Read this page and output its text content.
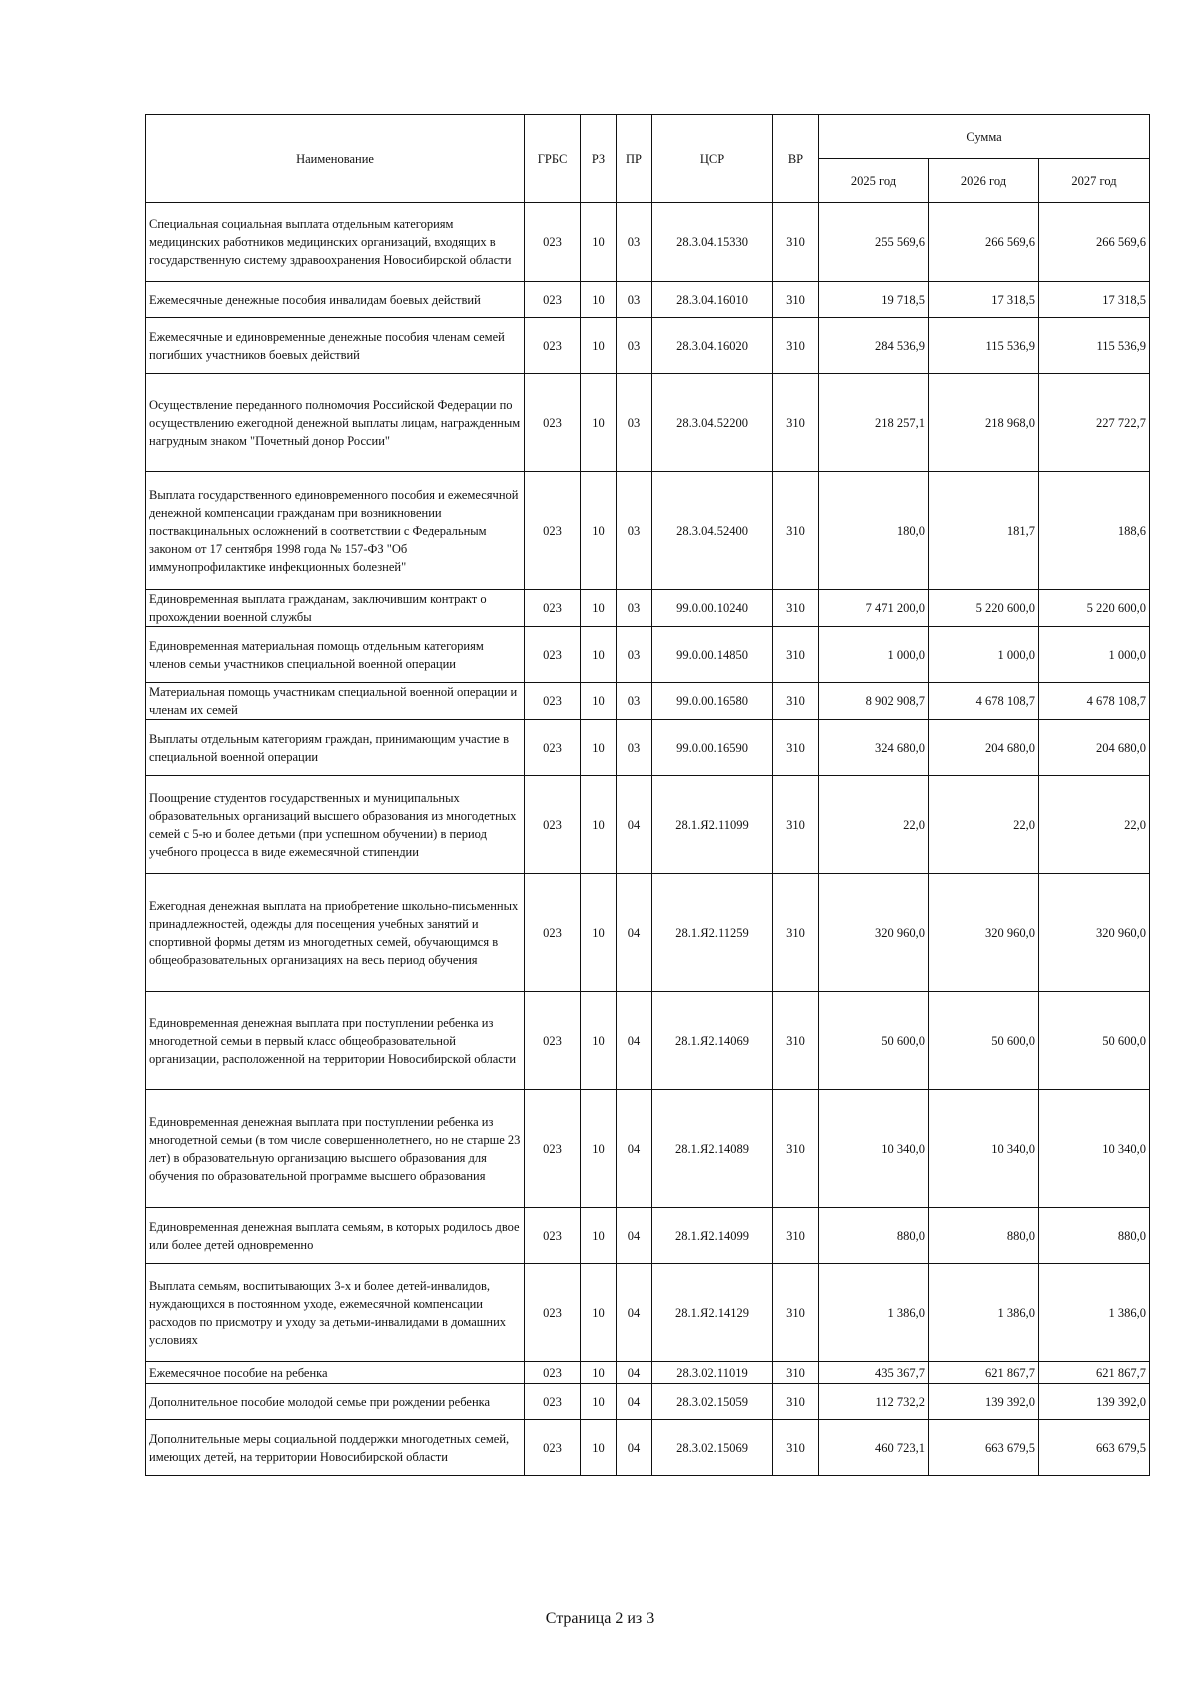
Наименование	ГРБС	РЗ	ПР	ЦСР	ВР	Сумма		
						2025 год	2026 год	2027 год
Специальная социальная выплата отдельным категориям медицинских работников медицинских организаций, входящих в государственную систему здравоохранения Новосибирской области	023	10	03	28.3.04.15330	310	255 569,6	266 569,6	266 569,6
Ежемесячные денежные пособия инвалидам боевых действий	023	10	03	28.3.04.16010	310	19 718,5	17 318,5	17 318,5
Ежемесячные и единовременные денежные пособия членам семей погибших участников боевых действий	023	10	03	28.3.04.16020	310	284 536,9	115 536,9	115 536,9
Осуществление переданного полномочия Российской Федерации по осуществлению ежегодной денежной выплаты лицам, награжденным нагрудным знаком "Почетный донор России"	023	10	03	28.3.04.52200	310	218 257,1	218 968,0	227 722,7
Выплата государственного единовременного пособия и ежемесячной денежной компенсации гражданам при возникновении поствакцинальных осложнений в соответствии с Федеральным законом от 17 сентября 1998 года № 157-ФЗ "Об иммунопрофилактике инфекционных болезней"	023	10	03	28.3.04.52400	310	180,0	181,7	188,6
Единовременная выплата гражданам, заключившим контракт о прохождении военной службы	023	10	03	99.0.00.10240	310	7 471 200,0	5 220 600,0	5 220 600,0
Единовременная материальная помощь отдельным категориям членов семьи участников специальной военной операции	023	10	03	99.0.00.14850	310	1 000,0	1 000,0	1 000,0
Материальная помощь участникам специальной военной операции и членам их семей	023	10	03	99.0.00.16580	310	8 902 908,7	4 678 108,7	4 678 108,7
Выплаты отдельным категориям граждан, принимающим участие в специальной военной операции	023	10	03	99.0.00.16590	310	324 680,0	204 680,0	204 680,0
Поощрение студентов государственных и муниципальных образовательных организаций высшего образования из многодетных семей с 5-ю и более детьми (при успешном обучении) в период учебного процесса в виде ежемесячной стипендии	023	10	04	28.1.Я2.11099	310	22,0	22,0	22,0
Ежегодная денежная выплата на приобретение школьно-письменных принадлежностей, одежды для посещения учебных занятий и спортивной формы детям из многодетных семей, обучающимся в общеобразовательных организациях на весь период обучения	023	10	04	28.1.Я2.11259	310	320 960,0	320 960,0	320 960,0
Единовременная денежная выплата при поступлении ребенка из многодетной семьи в первый класс общеобразовательной организации, расположенной на территории Новосибирской области	023	10	04	28.1.Я2.14069	310	50 600,0	50 600,0	50 600,0
Единовременная денежная выплата при поступлении ребенка из многодетной семьи (в том числе совершеннолетнего, но не старше 23 лет) в образовательную организацию высшего образования для обучения по образовательной программе высшего образования	023	10	04	28.1.Я2.14089	310	10 340,0	10 340,0	10 340,0
Единовременная денежная выплата семьям, в которых родилось двое или более детей одновременно	023	10	04	28.1.Я2.14099	310	880,0	880,0	880,0
Выплата семьям, воспитывающих 3-х и более детей-инвалидов, нуждающихся в постоянном уходе, ежемесячной компенсации расходов по присмотру и уходу за детьми-инвалидами в домашних условиях	023	10	04	28.1.Я2.14129	310	1 386,0	1 386,0	1 386,0
Ежемесячное пособие на ребенка	023	10	04	28.3.02.11019	310	435 367,7	621 867,7	621 867,7
Дополнительное пособие молодой семье при рождении ребенка	023	10	04	28.3.02.15059	310	112 732,2	139 392,0	139 392,0
Дополнительные меры социальной поддержки многодетных семей, имеющих детей, на территории Новосибирской области	023	10	04	28.3.02.15069	310	460 723,1	663 679,5	663 679,5
Страница 2 из 3
